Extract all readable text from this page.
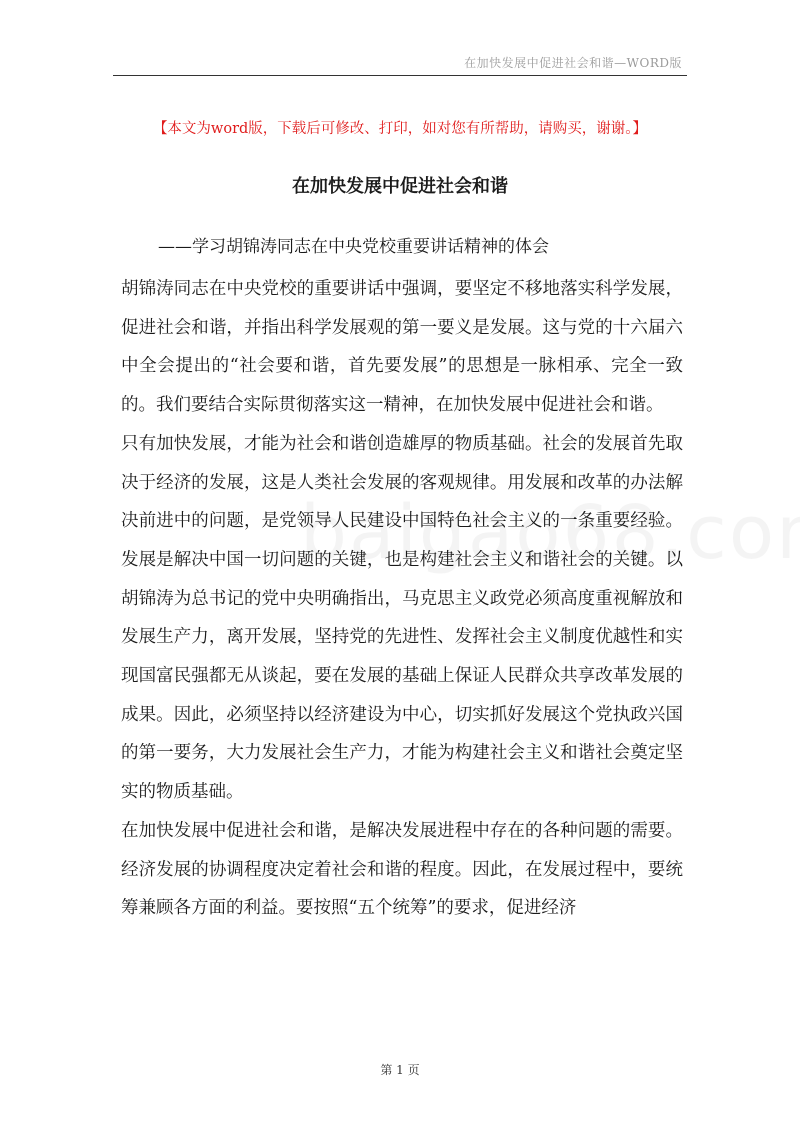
在加快发展中促进社会和谐—WORD版
【本文为word版，下载后可修改、打印，如对您有所帮助，请购买，谢谢。】
在加快发展中促进社会和谐
——学习胡锦涛同志在中央党校重要讲话精神的体会

胡锦涛同志在中央党校的重要讲话中强调，要坚定不移地落实科学发展，促进社会和谐，并指出科学发展观的第一要义是发展。这与党的十六届六中全会提出的“社会要和谐，首先要发展”的思想是一脉相承、完全一致的。我们要结合实际贯彻落实这一精神，在加快发展中促进社会和谐。

只有加快发展，才能为社会和谐创造雄厚的物质基础。社会的发展首先取决于经济的发展，这是人类社会发展的客观规律。用发展和改革的办法解决前进中的问题，是党领导人民建设中国特色社会主义的一条重要经验。发展是解决中国一切问题的关键，也是构建社会主义和谐社会的关键。以胡锦涛为总书记的党中央明确指出，马克思主义政党必须高度重视解放和发展生产力，离开发展，坚持党的先进性、发挥社会主义制度优越性和实现国富民强都无从谈起，要在发展的基础上保证人民群众共享改革发展的成果。因此，必须坚持以经济建设为中心，切实抓好发展这个党执政兴国的第一要务，大力发展社会生产力，才能为构建社会主义和谐社会奠定坚实的物质基础。

在加快发展中促进社会和谐，是解决发展进程中存在的各种问题的需要。经济发展的协调程度决定着社会和谐的程度。因此，在发展过程中，要统筹兼顾各方面的利益。要按照“五个统筹”的要求，促进经济

第 1 页
